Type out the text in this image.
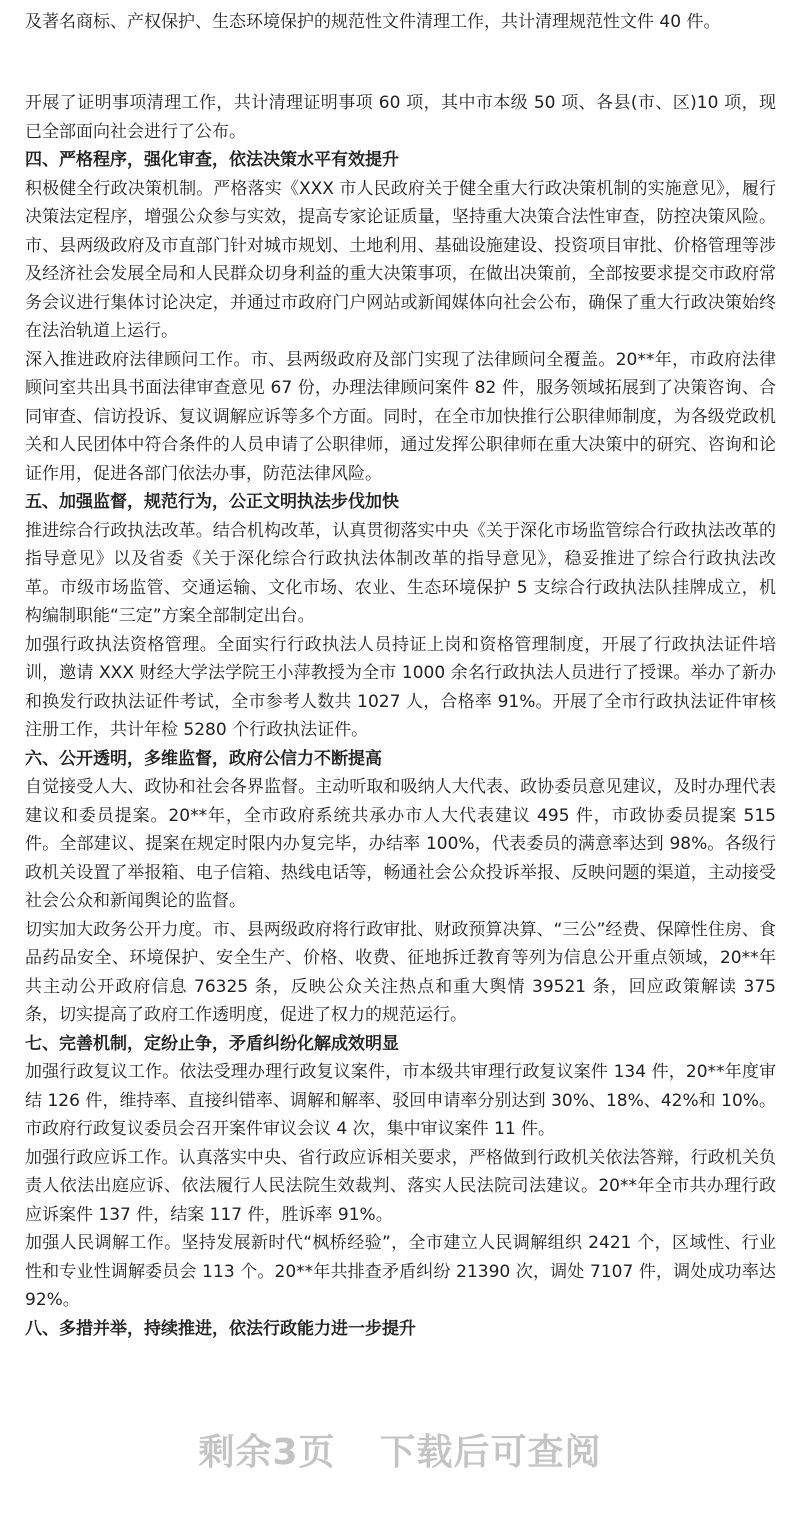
及著名商标、产权保护、生态环境保护的规范性文件清理工作，共计清理规范性文件 40 件。

开展了证明事项清理工作，共计清理证明事项 60 项，其中市本级 50 项、各县(市、区)10 项，现已全部面向社会进行了公布。

四、严格程序，强化审查，依法决策水平有效提升

积极健全行政决策机制。严格落实《XXX 市人民政府关于健全重大行政决策机制的实施意见》，履行决策法定程序，增强公众参与实效，提高专家论证质量，坚持重大决策合法性审查，防控决策风险。市、县两级政府及市直部门针对城市规划、土地利用、基础设施建设、投资项目审批、价格管理等涉及经济社会发展全局和人民群众切身利益的重大决策事项，在做出决策前，全部按要求提交市政府常务会议进行集体讨论决定，并通过市政府门户网站或新闻媒体向社会公布，确保了重大行政决策始终在法治轨道上运行。

深入推进政府法律顾问工作。市、县两级政府及部门实现了法律顾问全覆盖。20**年，市政府法律顾问室共出具书面法律审查意见 67 份，办理法律顾问案件 82 件，服务领域拓展到了决策咨询、合同审查、信访投诉、复议调解应诉等多个方面。同时，在全市加快推行公职律师制度，为各级党政机关和人民团体中符合条件的人员申请了公职律师，通过发挥公职律师在重大决策中的研究、咨询和论证作用，促进各部门依法办事，防范法律风险。

五、加强监督，规范行为，公正文明执法步伐加快

推进综合行政执法改革。结合机构改革，认真贯彻落实中央《关于深化市场监管综合行政执法改革的指导意见》以及省委《关于深化综合行政执法体制改革的指导意见》，稳妥推进了综合行政执法改革。市级市场监管、交通运输、文化市场、农业、生态环境保护 5 支综合行政执法队挂牌成立，机构编制职能“三定”方案全部制定出台。

加强行政执法资格管理。全面实行行政执法人员持证上岗和资格管理制度，开展了行政执法证件培训，邀请 XXX 财经大学法学院王小萍教授为全市 1000 余名行政执法人员进行了授课。举办了新办和换发行政执法证件考试，全市参考人数共 1027 人，合格率 91%。开展了全市行政执法证件审核注册工作，共计年检 5280 个行政执法证件。

六、公开透明，多维监督，政府公信力不断提高

自觉接受人大、政协和社会各界监督。主动听取和吸纳人大代表、政协委员意见建议，及时办理代表建议和委员提案。20**年，全市政府系统共承办市人大代表建议 495 件，市政协委员提案 515 件。全部建议、提案在规定时限内办复完毕，办结率 100%，代表委员的满意率达到 98%。各级行政机关设置了举报箱、电子信箱、热线电话等，畅通社会公众投诉举报、反映问题的渠道，主动接受社会公众和新闻舆论的监督。

切实加大政务公开力度。市、县两级政府将行政审批、财政预算决算、“三公”经费、保障性住房、食品药品安全、环境保护、安全生产、价格、收费、征地拆迁教育等列为信息公开重点领域，20**年共主动公开政府信息 76325 条，反映公众关注热点和重大舆情 39521 条，回应政策解读 375 条，切实提高了政府工作透明度，促进了权力的规范运行。

七、完善机制，定纷止争，矛盾纠纷化解成效明显

加强行政复议工作。依法受理办理行政复议案件，市本级共审理行政复议案件 134 件，20**年度审结 126 件，维持率、直接纠错率、调解和解率、驳回申请率分别达到 30%、18%、42%和 10%。市政府行政复议委员会召开案件审议会议 4 次，集中审议案件 11 件。

加强行政应诉工作。认真落实中央、省行政应诉相关要求，严格做到行政机关依法答辩，行政机关负责人依法出庭应诉、依法履行人民法院生效裁判、落实人民法院司法建议。20**年全市共办理行政应诉案件 137 件，结案 117 件，胜诉率 91%。

加强人民调解工作。坚持发展新时代“枫桥经验”，全市建立人民调解组织 2421 个，区域性、行业性和专业性调解委员会 113 个。20**年共排查矛盾纠纷 21390 次，调处 7107 件，调处成功率达 92%。

八、多措并举，持续推进，依法行政能力进一步提升
剩余3页 下载后可查阅
